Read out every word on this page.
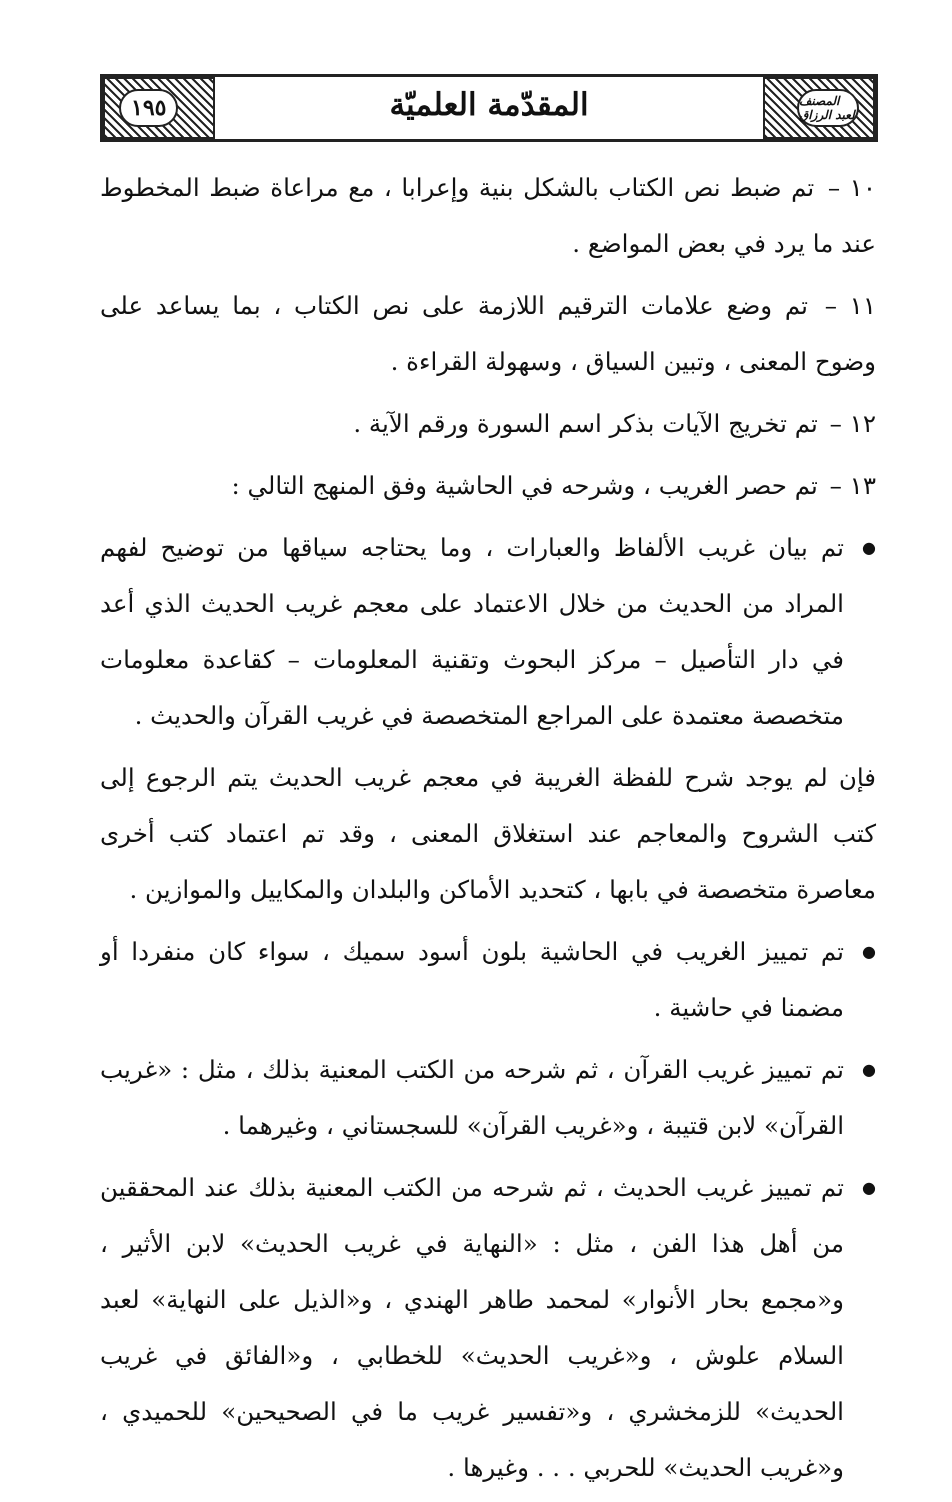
١٩٥	المقدّمة العلميّة	المصنف لعبد الرزاق

١٠ – تم ضبط نص الكتاب بالشكل بنية وإعرابا ، مع مراعاة ضبط المخطوط عند ما يرد في بعض المواضع .

١١ – تم وضع علامات الترقيم اللازمة على نص الكتاب ، بما يساعد على وضوح المعنى ، وتبين السياق ، وسهولة القراءة .

١٢ – تم تخريج الآيات بذكر اسم السورة ورقم الآية .

١٣ – تم حصر الغريب ، وشرحه في الحاشية وفق المنهج التالي :

● تم بيان غريب الألفاظ والعبارات ، وما يحتاجه سياقها من توضيح لفهم المراد من الحديث من خلال الاعتماد على معجم غريب الحديث الذي أعد في دار التأصيل – مركز البحوث وتقنية المعلومات – كقاعدة معلومات متخصصة معتمدة على المراجع المتخصصة في غريب القرآن والحديث .

فإن لم يوجد شرح للفظة الغريبة في معجم غريب الحديث يتم الرجوع إلى كتب الشروح والمعاجم عند استغلاق المعنى ، وقد تم اعتماد كتب أخرى معاصرة متخصصة في بابها ، كتحديد الأماكن والبلدان والمكاييل والموازين .

● تم تمييز الغريب في الحاشية بلون أسود سميك ، سواء كان منفردا أو مضمنا في حاشية .

● تم تمييز غريب القرآن ، ثم شرحه من الكتب المعنية بذلك ، مثل : «غريب القرآن» لابن قتيبة ، و«غريب القرآن» للسجستاني ، وغيرهما .

● تم تمييز غريب الحديث ، ثم شرحه من الكتب المعنية بذلك عند المحققين من أهل هذا الفن ، مثل : «النهاية في غريب الحديث» لابن الأثير ، و«مجمع بحار الأنوار» لمحمد طاهر الهندي ، و«الذيل على النهاية» لعبد السلام علوش ، و«غريب الحديث» للخطابي ، و«الفائق في غريب الحديث» للزمخشري ، و«تفسير غريب ما في الصحيحين» للحميدي ، و«غريب الحديث» للحربي . . . وغيرها .
